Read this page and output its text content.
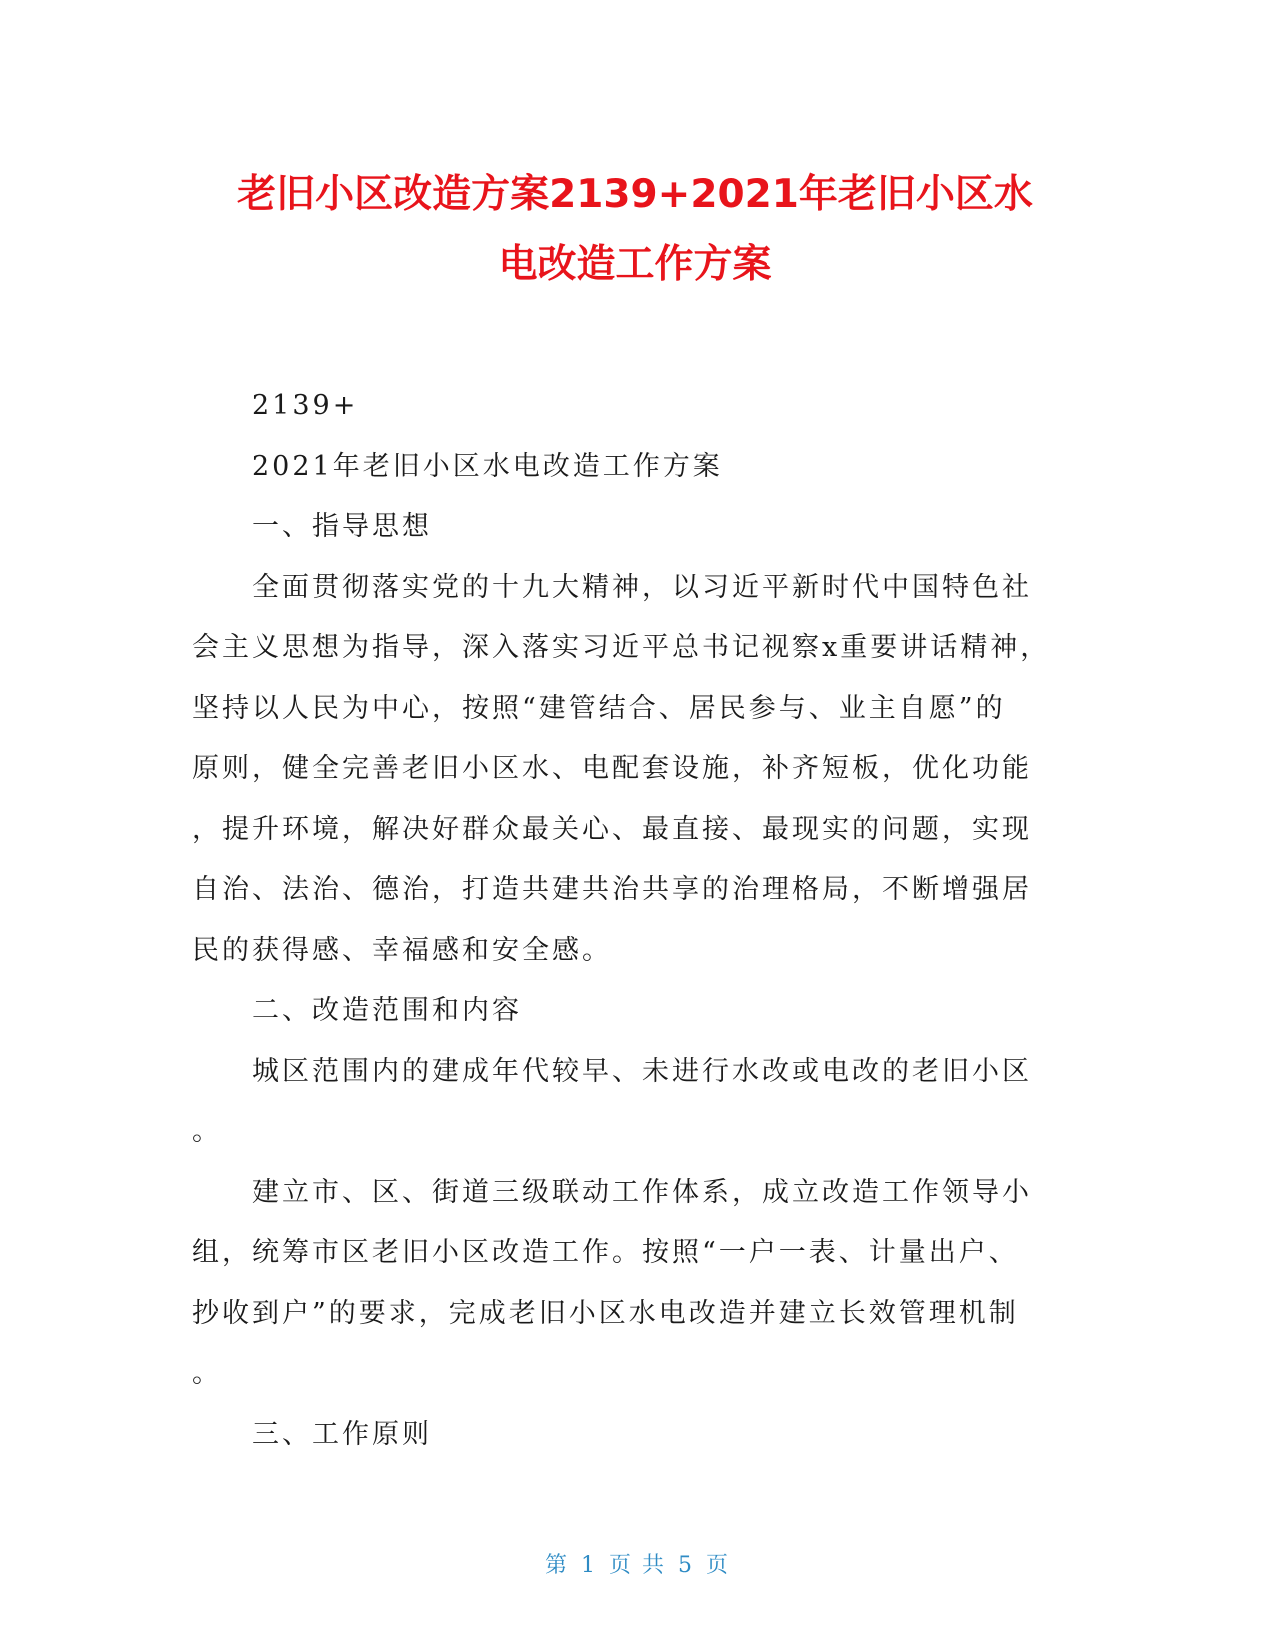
老旧小区改造方案2139+2021年老旧小区水
电改造工作方案

2139+

2021年老旧小区水电改造工作方案

一、指导思想

全面贯彻落实党的十九大精神，以习近平新时代中国特色社

会主义思想为指导，深入落实习近平总书记视察x重要讲话精神，

坚持以人民为中心，按照“建管结合、居民参与、业主自愿”的

原则，健全完善老旧小区水、电配套设施，补齐短板，优化功能

，提升环境，解决好群众最关心、最直接、最现实的问题，实现

自治、法治、德治，打造共建共治共享的治理格局，不断增强居

民的获得感、幸福感和安全感。

二、改造范围和内容

城区范围内的建成年代较早、未进行水改或电改的老旧小区

。

建立市、区、街道三级联动工作体系，成立改造工作领导小

组，统筹市区老旧小区改造工作。按照“一户一表、计量出户、

抄收到户”的要求，完成老旧小区水电改造并建立长效管理机制

。

三、工作原则

第 1 页 共 5 页
